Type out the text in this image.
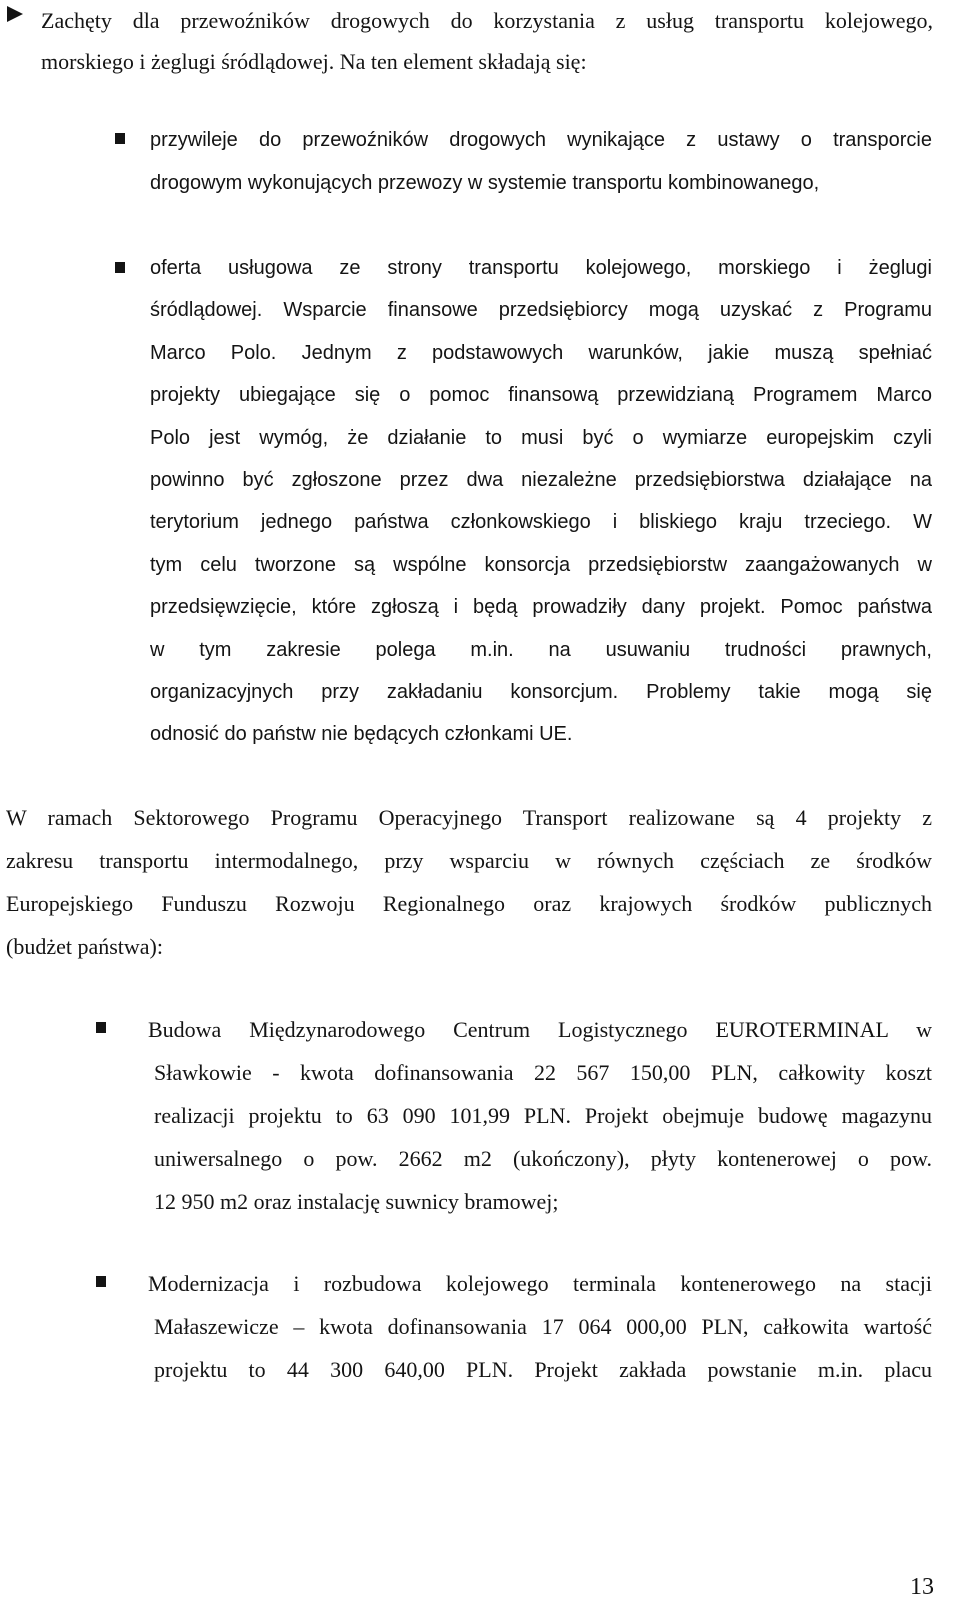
Zachęty dla przewoźników drogowych do korzystania z usług transportu kolejowego,
morskiego i żeglugi śródlądowej. Na ten element składają się:
przywileje do przewoźników drogowych wynikające z ustawy o transporcie
drogowym wykonujących przewozy w systemie transportu kombinowanego,
oferta usługowa ze strony transportu kolejowego, morskiego i żeglugi
śródlądowej. Wsparcie finansowe przedsiębiorcy mogą uzyskać z Programu
Marco Polo. Jednym z podstawowych warunków, jakie muszą spełniać
projekty ubiegające się o pomoc finansową przewidzianą Programem Marco
Polo jest wymóg, że działanie to musi być o wymiarze europejskim czyli
powinno być zgłoszone przez dwa niezależne przedsiębiorstwa działające na
terytorium jednego państwa członkowskiego i bliskiego kraju trzeciego. W
tym celu tworzone są wspólne konsorcja przedsiębiorstw zaangażowanych w
przedsięwzięcie, które zgłoszą i będą prowadziły dany projekt. Pomoc państwa
w tym zakresie polega m.in. na usuwaniu trudności prawnych,
organizacyjnych przy zakładaniu konsorcjum. Problemy takie mogą się
odnosić do państw nie będących członkami UE.
W ramach Sektorowego Programu Operacyjnego Transport realizowane są 4 projekty z
zakresu transportu intermodalnego, przy wsparciu w równych częściach ze środków
Europejskiego Funduszu Rozwoju Regionalnego oraz krajowych środków publicznych
(budżet państwa):
Budowa Międzynarodowego Centrum Logistycznego EUROTERMINAL w
Sławkowie - kwota dofinansowania 22 567 150,00 PLN, całkowity koszt
realizacji projektu to 63 090 101,99 PLN. Projekt obejmuje budowę magazynu
uniwersalnego o pow. 2662 m2 (ukończony), płyty kontenerowej o pow.
12 950 m2 oraz instalację suwnicy bramowej;
Modernizacja i rozbudowa kolejowego terminala kontenerowego na stacji
Małaszewicze – kwota dofinansowania 17 064 000,00 PLN, całkowita wartość
projektu to 44 300 640,00 PLN. Projekt zakłada powstanie m.in. placu
13
